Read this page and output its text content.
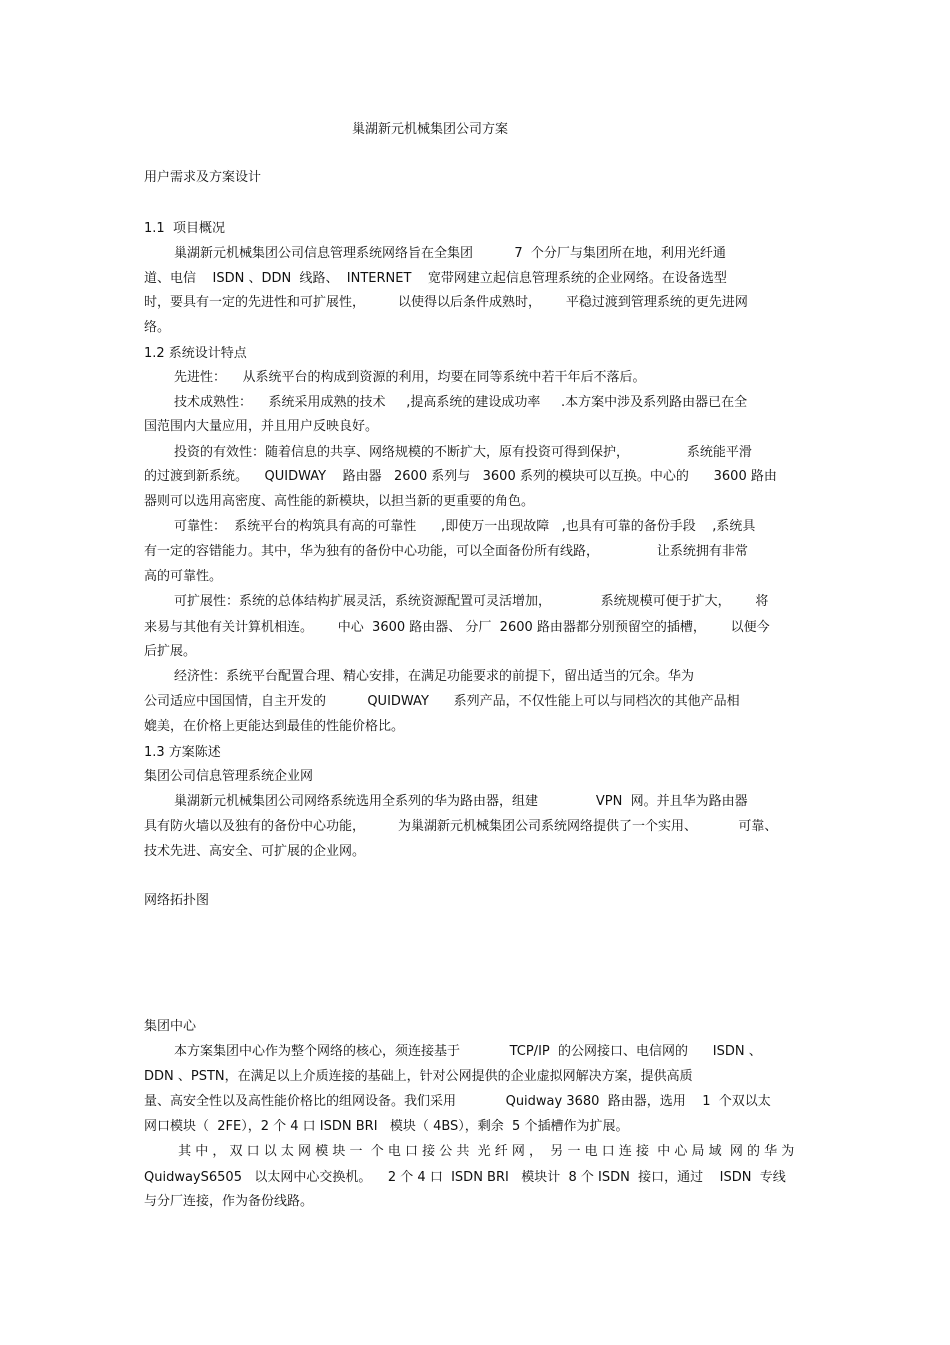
巢湖新元机械集团公司方案
用户需求及方案设计
1.1  项目概况
巢湖新元机械集团公司信息管理系统网络旨在全集团          7  个分厂与集团所在地，利用光纤通
道、电信    ISDN 、DDN  线路、  INTERNET    宽带网建立起信息管理系统的企业网络。在设备选型
时，要具有一定的先进性和可扩展性，        以使得以后条件成熟时，      平稳过渡到管理系统的更先进网
络。
1.2 系统设计特点
先进性：    从系统平台的构成到资源的利用，均要在同等系统中若干年后不落后。
技术成熟性：    系统采用成熟的技术     ,提高系统的建设成功率     .本方案中涉及系列路由器已在全
国范围内大量应用，并且用户反映良好。
投资的有效性：随着信息的共享、网络规模的不断扩大，原有投资可得到保护，              系统能平滑
的过渡到新系统。    QUIDWAY    路由器   2600 系列与   3600 系列的模块可以互换。中心的      3600 路由
器则可以选用高密度、高性能的新模块，以担当新的更重要的角色。
可靠性：  系统平台的构筑具有高的可靠性      ,即使万一出现故障   ,也具有可靠的备份手段    ,系统具
有一定的容错能力。其中，华为独有的备份中心功能，可以全面备份所有线路，              让系统拥有非常
高的可靠性。
可扩展性：系统的总体结构扩展灵活，系统资源配置可灵活增加，            系统规模可便于扩大，      将
来易与其他有关计算机相连。      中心  3600 路由器、 分厂  2600 路由器都分别预留空的插槽，      以便今
后扩展。
经济性：系统平台配置合理、精心安排，在满足功能要求的前提下，留出适当的冗余。华为
公司适应中国国情，自主开发的          QUIDWAY      系列产品，不仅性能上可以与同档次的其他产品相
媲美，在价格上更能达到最佳的性能价格比。
1.3 方案陈述
集团公司信息管理系统企业网
巢湖新元机械集团公司网络系统选用全系列的华为路由器，组建              VPN  网。并且华为路由器
具有防火墙以及独有的备份中心功能，        为巢湖新元机械集团公司系统网络提供了一个实用、          可靠、
技术先进、高安全、可扩展的企业网。
网络拓扑图
集团中心
本方案集团中心作为整个网络的核心，须连接基于            TCP/IP  的公网接口、电信网的      ISDN 、
DDN 、PSTN，在满足以上介质连接的基础上，针对公网提供的企业虚拟网解决方案，提供高质
量、高安全性以及高性能价格比的组网设备。我们采用            Quidway 3680  路由器，选用    1  个双以太
网口模块（  2FE），2 个 4 口 ISDN BRI   模块（ 4BS），剩余  5 个插槽作为扩展。
其 中 ， 双 口 以 太 网 模 块 一  个 电 口 接 公 共  光 纤 网 ，  另 一 电 口 连 接  中 心 局 域  网 的 华 为
QuidwayS6505   以太网中心交换机。    2 个 4 口  ISDN BRI   模块计  8 个 ISDN  接口，通过    ISDN  专线
与分厂连接，作为备份线路。
